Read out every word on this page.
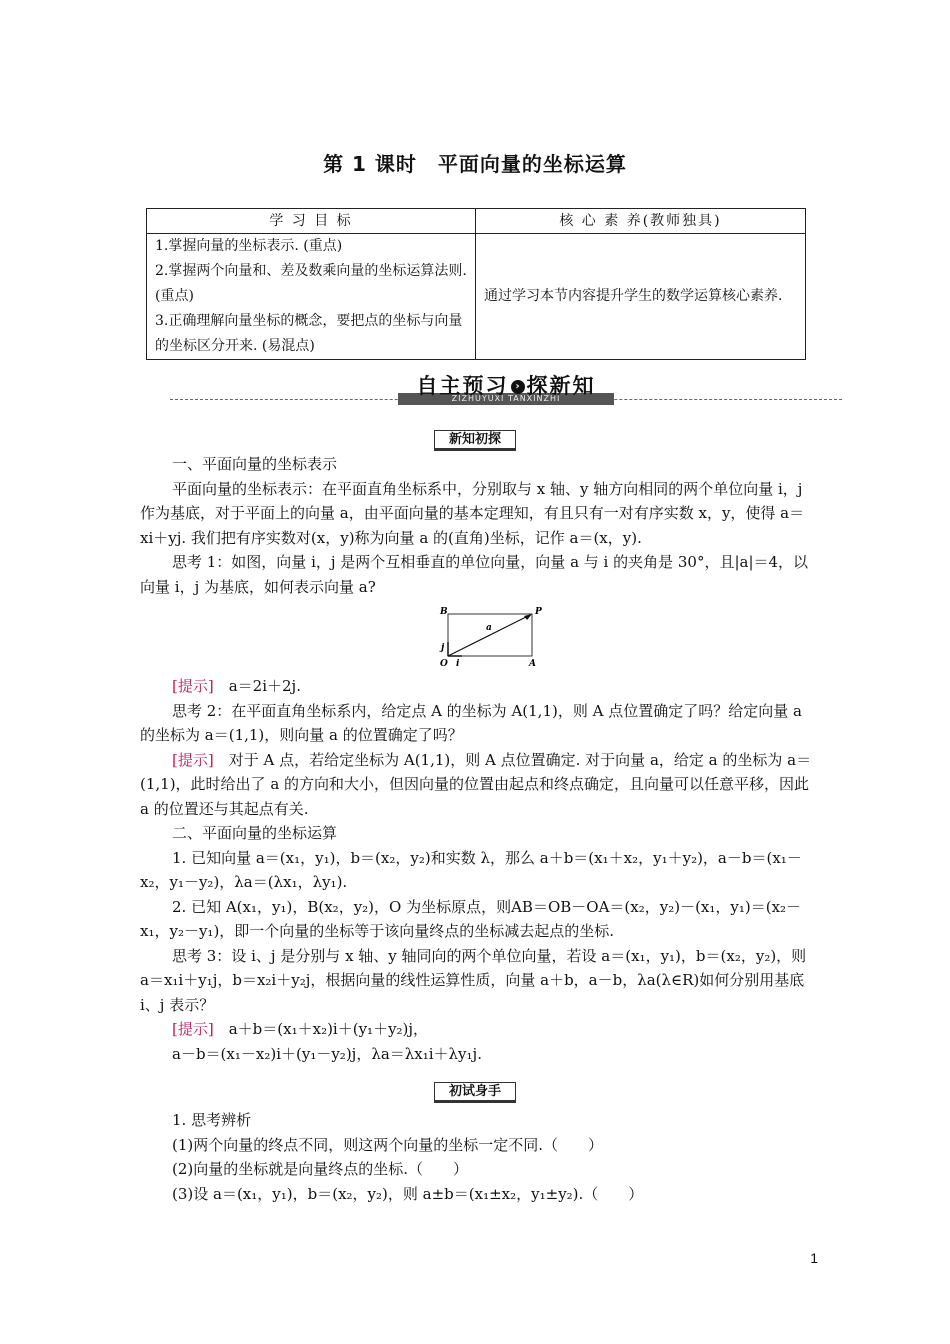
第 1 课时　平面向量的坐标运算
学 习 目 标	核 心 素 养(教师独具)

1.掌握向量的坐标表示. (重点)
2.掌握两个向量和、差及数乘向量的坐标运算法则. (重点)
3.正确理解向量坐标的概念，要把点的坐标与向量的坐标区分开来. (易混点)	通过学习本节内容提升学生的数学运算核心素养.
ZIZHUYUXI TANXINZHI
自主预习 › 探新知
新知初探

一、平面向量的坐标表示

平面向量的坐标表示：在平面直角坐标系中，分别取与 x 轴、y 轴方向相同的两个单位向量 i，j 作为基底，对于平面上的向量 a，由平面向量的基本定理知，有且只有一对有序实数 x，y，使得 a＝xi＋yj. 我们把有序实数对(x，y)称为向量 a 的(直角)坐标，记作 a＝(x，y).

思考 1：如图，向量 i，j 是两个互相垂直的单位向量，向量 a 与 i 的夹角是 30°，且|a|＝4，以向量 i，j 为基底，如何表示向量 a?

B	P
a
j
O i	A

[提示]　 a＝2i＋2j.

思考 2：在平面直角坐标系内，给定点 A 的坐标为 A(1,1)，则 A 点位置确定了吗？给定向量 a 的坐标为 a＝(1,1)，则向量 a 的位置确定了吗？

[提示]　 对于 A 点，若给定坐标为 A(1,1)，则 A 点位置确定. 对于向量 a，给定 a 的坐标为 a＝(1,1)，此时给出了 a 的方向和大小，但因向量的位置由起点和终点确定，且向量可以任意平移，因此 a 的位置还与其起点有关.

二、平面向量的坐标运算

1. 已知向量 a＝(x₁，y₁)，b＝(x₂，y₂)和实数 λ，那么 a＋b＝(x₁＋x₂，y₁＋y₂)，a－b＝(x₁－x₂，y₁－y₂)，λa＝(λx₁，λy₁).

2. 已知 A(x₁，y₁)，B(x₂，y₂)，O 为坐标原点，则AB＝OB－OA＝(x₂，y₂)－(x₁，y₁)＝(x₂－x₁，y₂－y₁)，即一个向量的坐标等于该向量终点的坐标减去起点的坐标.

思考 3：设 i、j 是分别与 x 轴、y 轴同向的两个单位向量，若设 a＝(x₁，y₁)，b＝(x₂，y₂)，则 a＝x₁i＋y₁j，b＝x₂i＋y₂j，根据向量的线性运算性质，向量 a＋b，a－b，λa(λ∈R)如何分别用基底 i、j 表示？

[提示]　 a＋b＝(x₁＋x₂)i＋(y₁＋y₂)j，

a－b＝(x₁－x₂)i＋(y₁－y₂)j，λa＝λx₁i＋λy₁j.

初试身手

1. 思考辨析

(1)两个向量的终点不同，则这两个向量的坐标一定不同.（　　）

(2)向量的坐标就是向量终点的坐标.（　　）

(3)设 a＝(x₁，y₁)，b＝(x₂，y₂)，则 a±b＝(x₁±x₂，y₁±y₂).（　　）

1
